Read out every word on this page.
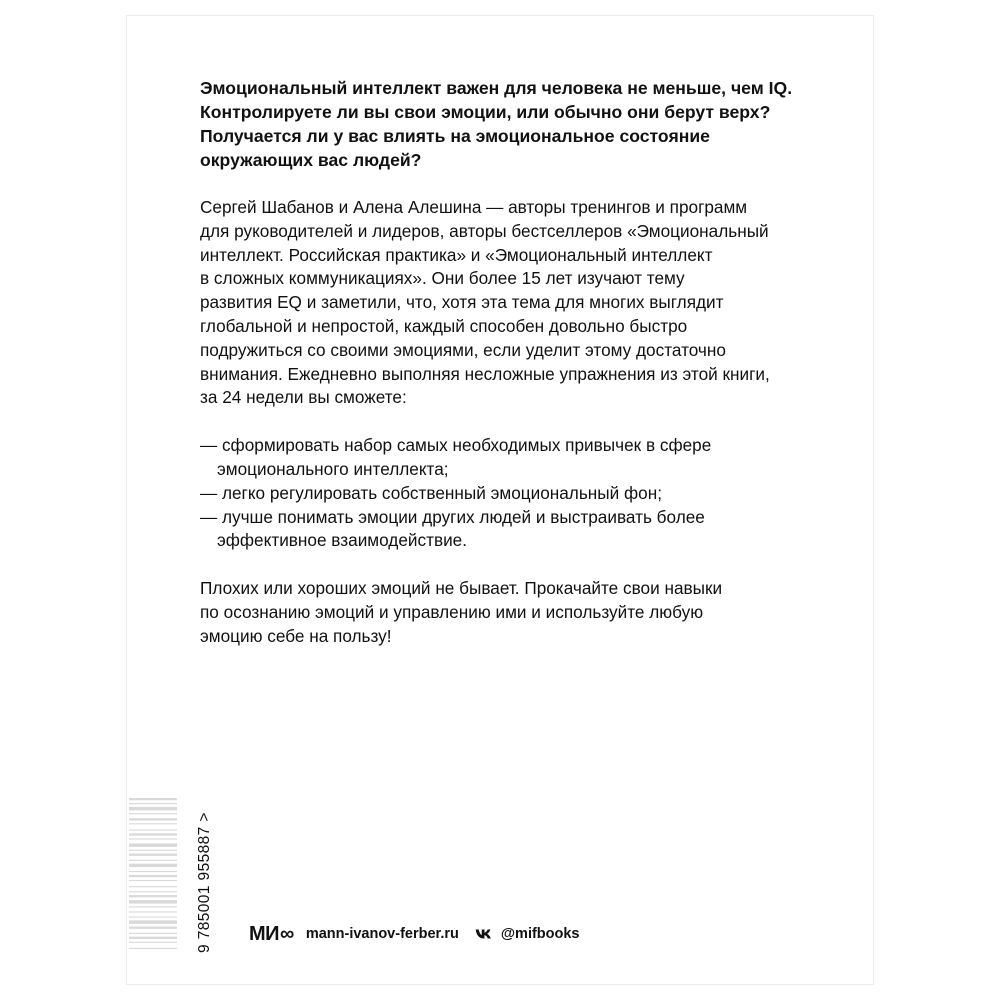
Эмоциональный интеллект важен для человека не меньше, чем IQ.
Контролируете ли вы свои эмоции, или обычно они берут верх?
Получается ли у вас влиять на эмоциональное состояние
окружающих вас людей?
Сергей Шабанов и Алена Алешина — авторы тренингов и программ
для руководителей и лидеров, авторы бестселлеров «Эмоциональный
интеллект. Российская практика» и «Эмоциональный интеллект
в сложных коммуникациях». Они более 15 лет изучают тему
развития EQ и заметили, что, хотя эта тема для многих выглядит
глобальной и непростой, каждый способен довольно быстро
подружиться со своими эмоциями, если уделит этому достаточно
внимания. Ежедневно выполняя несложные упражнения из этой книги,
за 24 недели вы сможете:
— сформировать набор самых необходимых привычек в сфере
эмоционального интеллекта;
— легко регулировать собственный эмоциональный фон;
— лучше понимать эмоции других людей и выстраивать более
эффективное взаимодействие.
Плохих или хороших эмоций не бывает. Прокачайте свои навыки
по осознанию эмоций и управлению ими и используйте любую
эмоцию себе на пользу!
9 785001 955887 > МИ ∞ mann-ivanov-ferber.ru	@mifbooks
